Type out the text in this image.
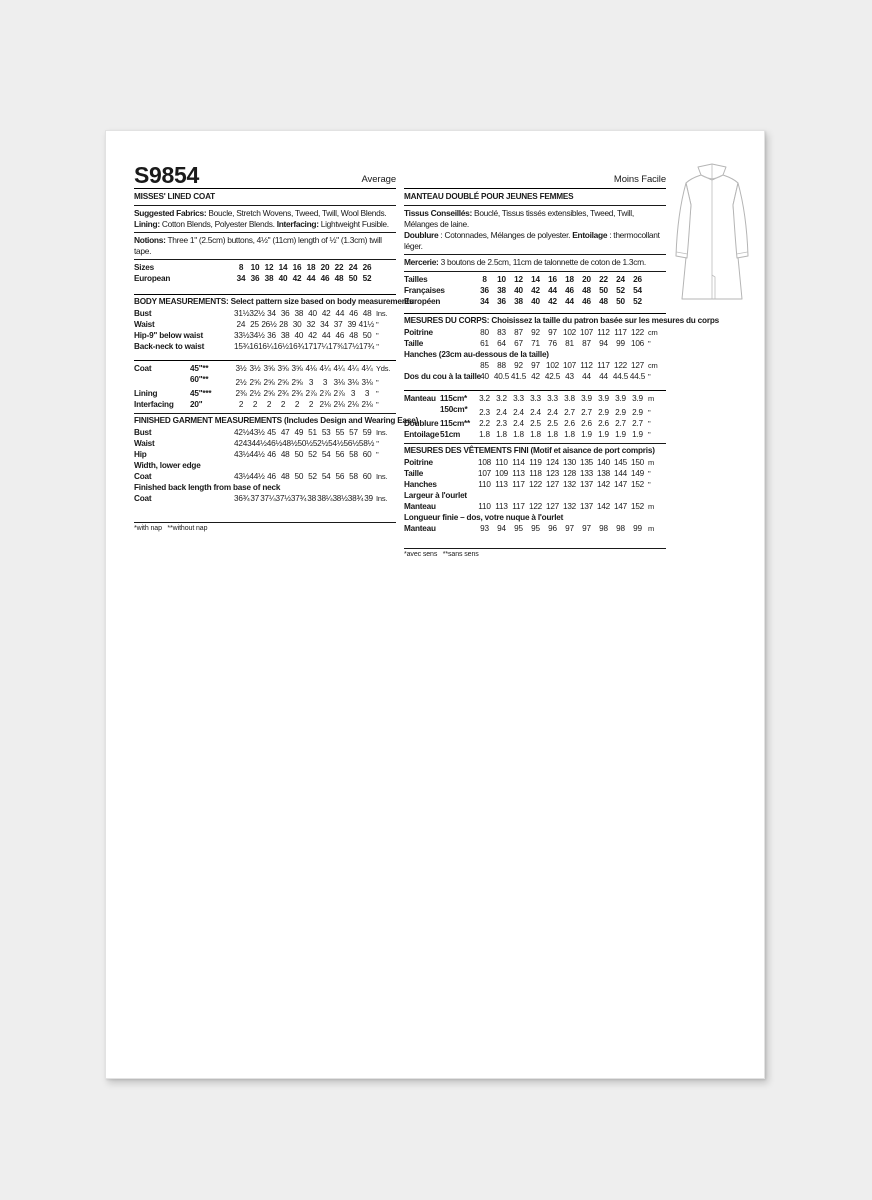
S9854	Average
MISSES' LINED COAT
Suggested Fabrics: Boucle, Stretch Wovens, Tweed, Twill, Wool Blends. Lining: Cotton Blends, Polyester Blends. Interfacing: Lightweight Fusible.
Notions: Three 1" (2.5cm) buttons, 4½" (11cm) length of ½" (1.3cm) twill tape.
Sizes	8 10 12 14 16 18 20 22 24 26
European	34 36 38 40 42 44 46 48 50 52
BODY MEASUREMENTS: Select pattern size based on body measurements
Bust	31½ 32½ 34 36 38 40 42 44 46 48 Ins.
Waist	24 25 26½ 28 30 32 34 37 39 41½ "
Hip-9" below waist	33½ 34½ 36 38 40 42 44 46 48 50 "
Back-neck to waist	15¾ 16 16¼ 16½ 16¾ 17 17¼ 17⅜ 17½ 17¾ "
Coat	45"**	3½ 3½ 3⅝ 3⅝ 3⅝ 4⅛ 4¼ 4¼ 4¼ 4¼ Yds.
60"**	2½ 2⅝ 2⅝ 2⅝ 2⅝ 3	3 3⅛ 3⅛ 3⅛ "
Lining	45"***	2⅜ 2½ 2⅝ 2¾ 2¾ 2⅞ 2⅞ 2⅞ 3	3 "
Interfacing	20"	2	2	2	2	2	2 2⅛ 2⅛ 2⅛ 2⅛ "
FINISHED GARMENT MEASUREMENTS (Includes Design and Wearing Ease)
Bust	42½ 43½ 45 47 49 51 53 55 57 59 Ins.
Waist	42 43 44½ 46½ 48½ 50½ 52½ 54½ 56½ 58½ "
Hip	43½ 44½ 46 48 50 52 54 56 58 60 "
Width, lower edge
Coat	43½ 44½ 46 48 50 52 54 56 58 60 Ins.
Finished back length from base of neck
Coat	36¾ 37 37¼ 37½ 37¾ 38 38¼ 38½ 38¾ 39 Ins.
*with nap   **without nap
Moins Facile
MANTEAU DOUBLÉ POUR JEUNES FEMMES
Tissus Conseillés: Bouclé, Tissus tissés extensibles, Tweed, Twill, Mélanges de laine.
Doublure : Cotonnades, Mélanges de polyester. Entoilage : thermocollant léger.
Mercerie: 3 boutons de 2.5cm, 11cm de talonnette de coton de 1.3cm.
Tailles	8	10	12	14	16	18	20	22	24	26
Françaises	36	38	40	42	44	46	48	50	52	54
Européen	34	36	38	40	42	44	46	48	50	52
MESURES DU CORPS: Choisissez la taille du patron basée sur les mesures du corps
Poitrine	80	83	87	92	97 102 107 112 117 122 cm
Taille	61	64	67	71	76	81	87	94	99 106 "
Hanches (23cm au-dessous de la taille)
85	88	92	97 102 107 112 117 122 127 cm
Dos du cou à la taille 40 40.5 41.5 42 42.5 43	44	44 44.5 44.5 "
Manteau 115cm*	3.2 3.2 3.3 3.3 3.3 3.8 3.9 3.9 3.9 3.9 m
150cm*	2.3 2.4 2.4 2.4 2.4 2.7 2.7 2.9 2.9 2.9 "
Doublure 115cm**	2.2 2.3 2.4 2.5 2.5 2.6 2.6 2.6 2.7 2.7 "
Entoilage 51cm	1.8 1.8 1.8 1.8 1.8 1.8 1.9 1.9 1.9 1.9 "
MESURES DES VÊTEMENTS FINI (Motif et aisance de port compris)
Poitrine	108 110 114 119 124 130 135 140 145 150 m
Taille	107 109 113 118 123 128 133 138 144 149 "
Hanches	110 113 117 122 127 132 137 142 147 152 "
Largeur à l'ourlet
Manteau	110 113 117 122 127 132 137 142 147 152 m
Longueur finie – dos, votre nuque à l'ourlet
Manteau	93	94	95	95	96	97	97	98	98	99 m
*avec sens   **sans sens
